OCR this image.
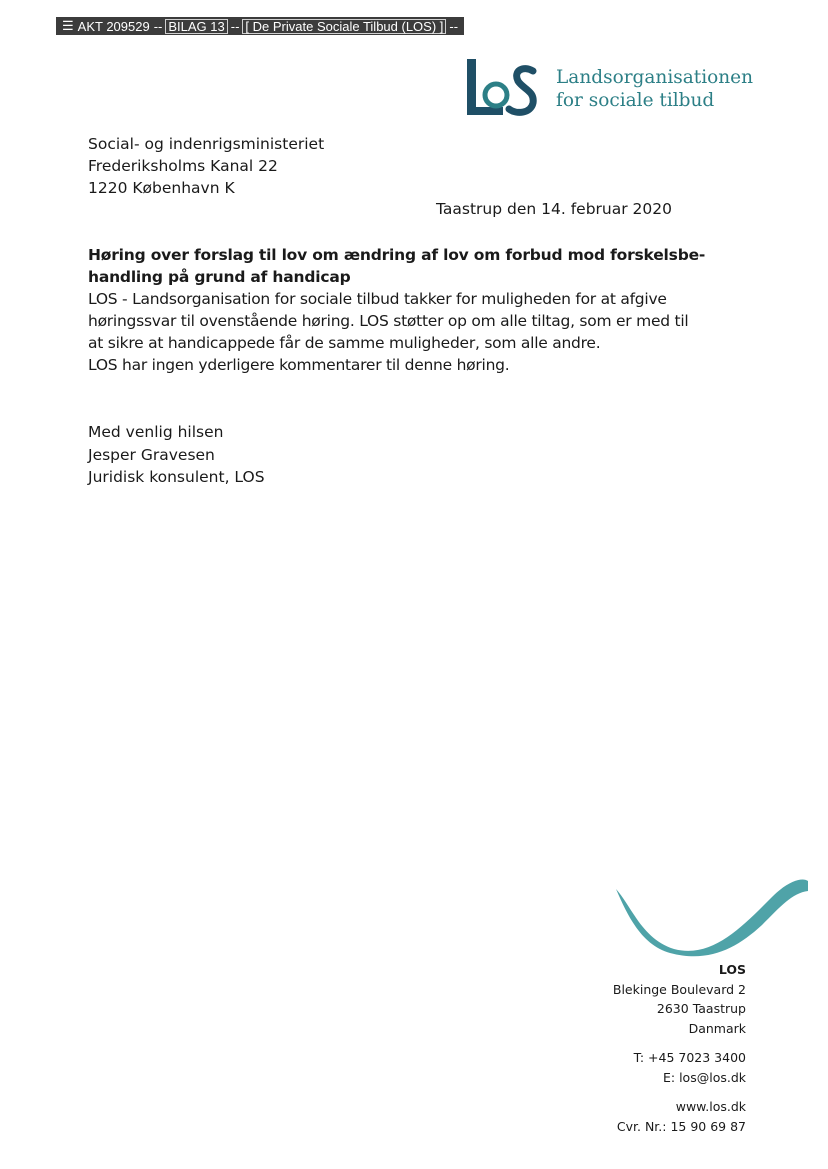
☰ AKT 209529 -- BILAG 13 -- [ De Private Sociale Tilbud (LOS) ] --
Landsorganisationen
for sociale tilbud
Social- og indenrigsministeriet
Frederiksholms Kanal 22
1220 København K
Taastrup den 14. februar 2020
Høring over forslag til lov om ændring af lov om forbud mod forskelsbe-
handling på grund af handicap
LOS - Landsorganisation for sociale tilbud takker for muligheden for at afgive
høringssvar til ovenstående høring. LOS støtter op om alle tiltag, som er med til
at sikre at handicappede får de samme muligheder, som alle andre.
LOS har ingen yderligere kommentarer til denne høring.
Med venlig hilsen
Jesper Gravesen
Juridisk konsulent, LOS
LOS
Blekinge Boulevard 2
2630 Taastrup
Danmark
T: +45 7023 3400
E: los@los.dk
www.los.dk
Cvr. Nr.: 15 90 69 87
